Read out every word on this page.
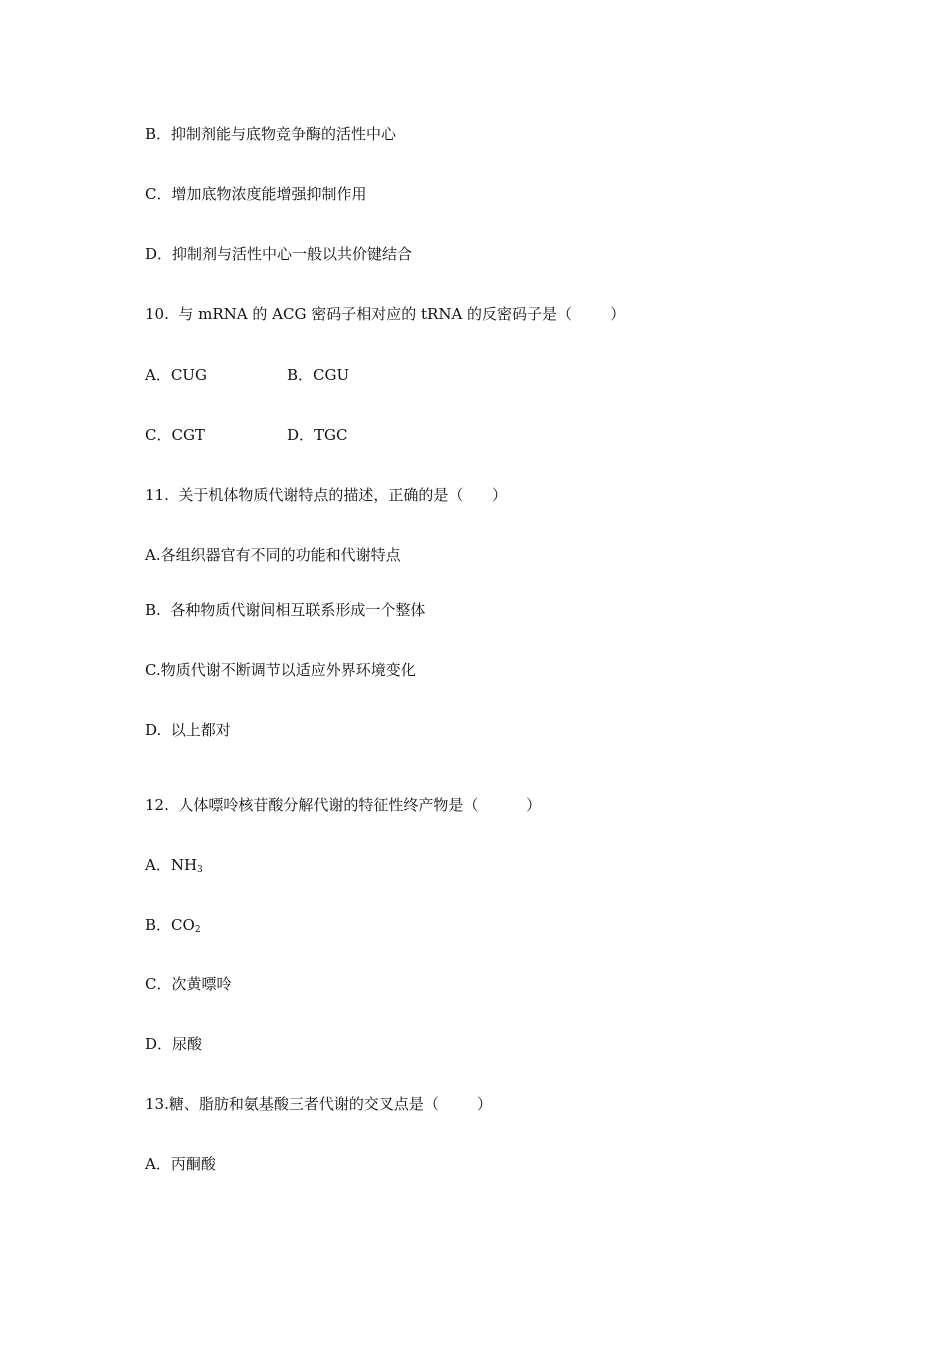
B．抑制剂能与底物竞争酶的活性中心
C．增加底物浓度能增强抑制作用
D．抑制剂与活性中心一般以共价键结合
10.  与 mRNA 的 ACG 密码子相对应的 tRNA 的反密码子是（        ）
A．CUG	B．CGU
C．CGT	D．TGC
11.  关于机体物质代谢特点的描述，正确的是（      ）
A.各组织器官有不同的功能和代谢特点
B.  各种物质代谢间相互联系形成一个整体
C.物质代谢不断调节以适应外界环境变化
D.  以上都对
12.  人体嘌呤核苷酸分解代谢的特征性终产物是（          ）
A．$NH_3$
B．$CO_2$
C．次黄嘌呤
D．尿酸
13.糖、脂肪和氨基酸三者代谢的交叉点是（        ）
A．丙酮酸
